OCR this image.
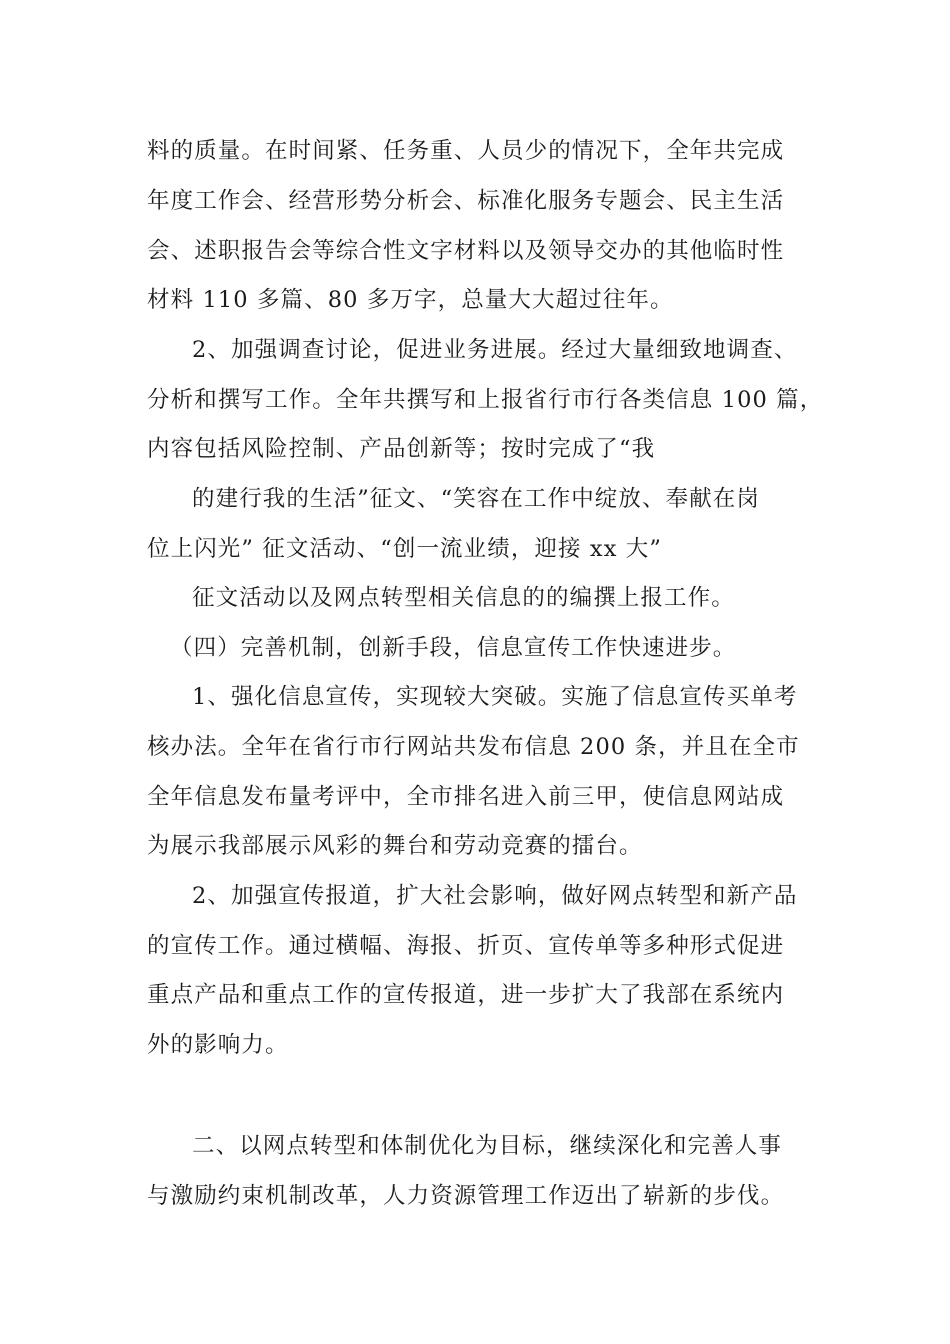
料的质量。在时间紧、任务重、人员少的情况下，全年共完成
年度工作会、经营形势分析会、标准化服务专题会、民主生活
会、述职报告会等综合性文字材料以及领导交办的其他临时性
材料 110 多篇、80 多万字，总量大大超过往年。
2、加强调查讨论，促进业务进展。经过大量细致地调查、
分析和撰写工作。全年共撰写和上报省行市行各类信息 100 篇，
内容包括风险控制、产品创新等；按时完成了“我
的建行我的生活”征文、“笑容在工作中绽放、奉献在岗
位上闪光” 征文活动、“创一流业绩，迎接 xx 大”
征文活动以及网点转型相关信息的的编撰上报工作。
（四）完善机制，创新手段，信息宣传工作快速进步。
1、强化信息宣传，实现较大突破。实施了信息宣传买单考
核办法。全年在省行市行网站共发布信息 200 条，并且在全市
全年信息发布量考评中，全市排名进入前三甲，使信息网站成
为展示我部展示风彩的舞台和劳动竞赛的擂台。
2、加强宣传报道，扩大社会影响，做好网点转型和新产品
的宣传工作。通过横幅、海报、折页、宣传单等多种形式促进
重点产品和重点工作的宣传报道，进一步扩大了我部在系统内
外的影响力。
二、以网点转型和体制优化为目标，继续深化和完善人事
与激励约束机制改革，人力资源管理工作迈出了崭新的步伐。
